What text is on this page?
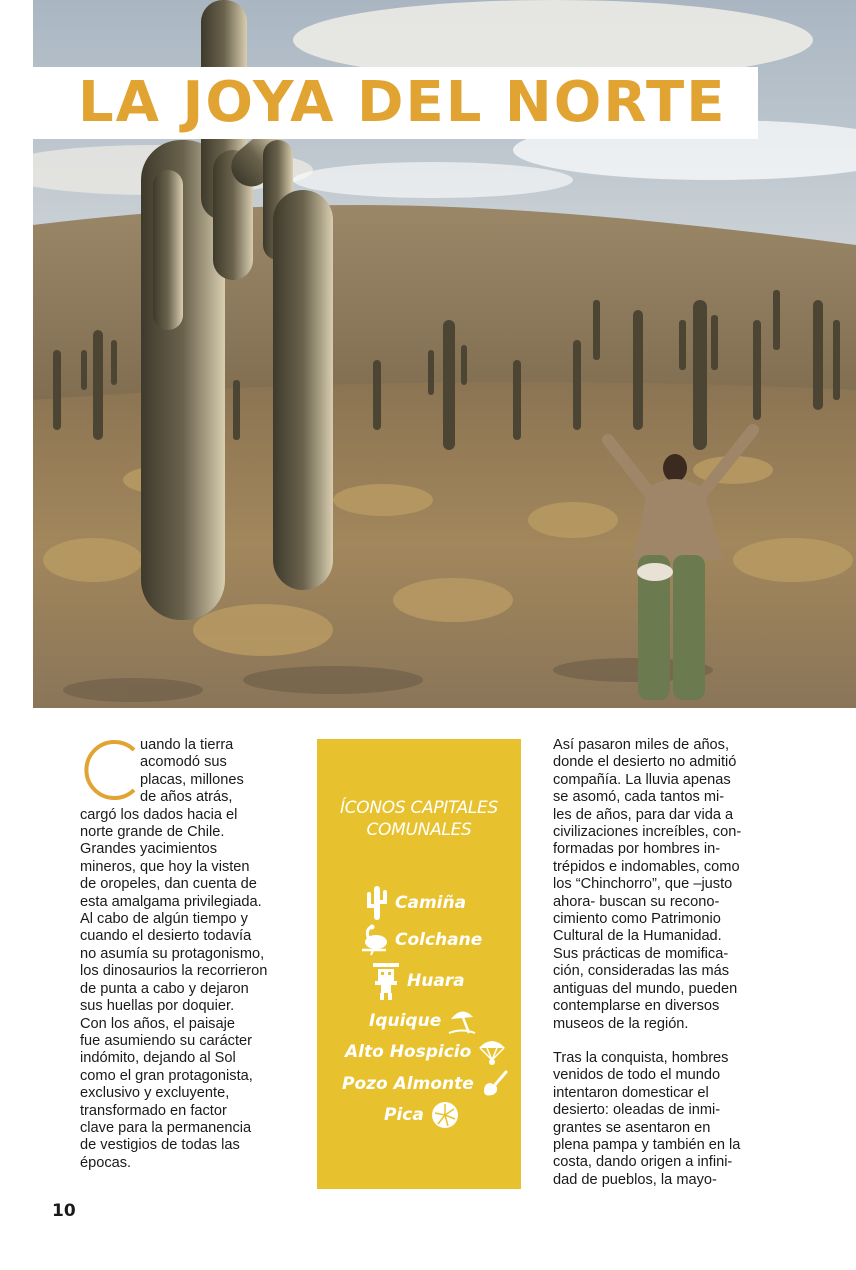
LA JOYA DEL NORTE

uando la tierra
acomodó sus
placas, millones
de años atrás,
cargó los dados hacia el
norte grande de Chile.
Grandes yacimientos
mineros, que hoy la visten
de oropeles, dan cuenta de
esta amalgama privilegiada.
Al cabo de algún tiempo y
cuando el desierto todavía
no asumía su protagonismo,
los dinosaurios la recorrieron
de punta a cabo y dejaron
sus huellas por doquier.
Con los años, el paisaje
fue asumiendo su carácter
indómito, dejando al Sol
como el gran protagonista,
exclusivo y excluyente,
transformado en factor
clave para la permanencia
de vestigios de todas las
épocas.

ÍCONOS CAPITALES
COMUNALES
Camiña
Colchane
Huara
Iquique
Alto Hospicio
Pozo Almonte
Pica

Así pasaron miles de años,
donde el desierto no admitió
compañía. La lluvia apenas
se asomó, cada tantos mi-
les de años, para dar vida a
civilizaciones increíbles, con-
formadas por hombres in-
trépidos e indomables, como
los “Chinchorro”, que –justo
ahora- buscan su recono-
cimiento como Patrimonio
Cultural de la Humanidad.
Sus prácticas de momifica-
ción, consideradas las más
antiguas del mundo, pueden
contemplarse en diversos
museos de la región.

Tras la conquista, hombres
venidos de todo el mundo
intentaron domesticar el
desierto: oleadas de inmi-
grantes se asentaron en
plena pampa y también en la
costa, dando origen a infini-
dad de pueblos, la mayo-

10
